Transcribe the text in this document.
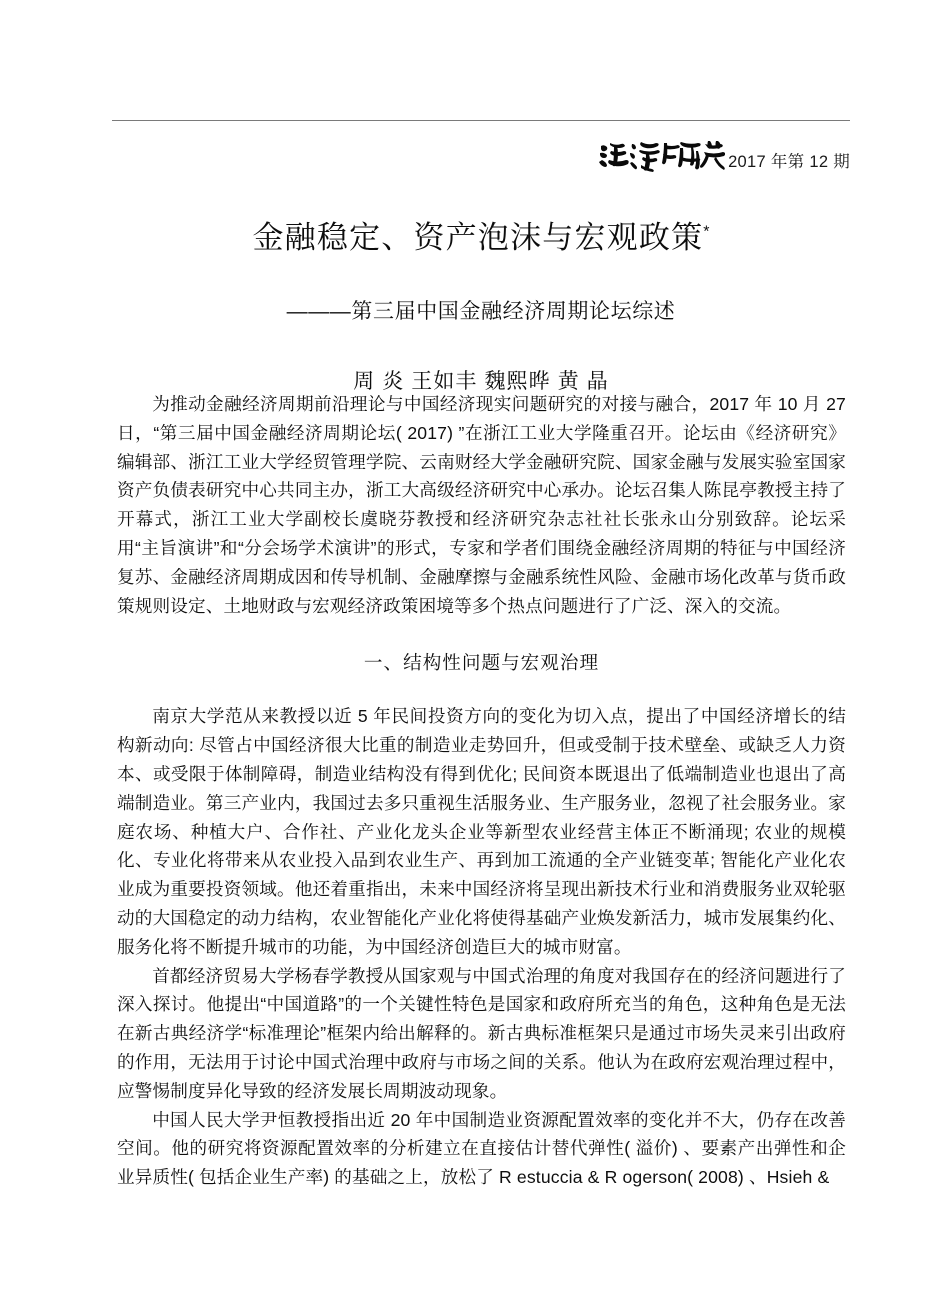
2017 年第 12 期
金融稳定、资产泡沫与宏观政策*

———第三届中国金融经济周期论坛综述

周 炎 王如丰 魏熙晔 黄 晶

为推动金融经济周期前沿理论与中国经济现实问题研究的对接与融合，2017 年 10 月 27 日，“第三届中国金融经济周期论坛( 2017) ”在浙江工业大学隆重召开。论坛由《经济研究》编辑部、浙江工业大学经贸管理学院、云南财经大学金融研究院、国家金融与发展实验室国家资产负债表研究中心共同主办，浙工大高级经济研究中心承办。论坛召集人陈昆亭教授主持了开幕式，浙江工业大学副校长虞晓芬教授和经济研究杂志社社长张永山分别致辞。论坛采用“主旨演讲”和“分会场学术演讲”的形式，专家和学者们围绕金融经济周期的特征与中国经济复苏、金融经济周期成因和传导机制、金融摩擦与金融系统性风险、金融市场化改革与货币政策规则设定、土地财政与宏观经济政策困境等多个热点问题进行了广泛、深入的交流。

一、结构性问题与宏观治理

南京大学范从来教授以近 5 年民间投资方向的变化为切入点，提出了中国经济增长的结构新动向: 尽管占中国经济很大比重的制造业走势回升，但或受制于技术壁垒、或缺乏人力资本、或受限于体制障碍，制造业结构没有得到优化; 民间资本既退出了低端制造业也退出了高端制造业。第三产业内，我国过去多只重视生活服务业、生产服务业，忽视了社会服务业。家庭农场、种植大户、合作社、产业化龙头企业等新型农业经营主体正不断涌现; 农业的规模化、专业化将带来从农业投入品到农业生产、再到加工流通的全产业链变革; 智能化产业化农业成为重要投资领域。他还着重指出，未来中国经济将呈现出新技术行业和消费服务业双轮驱动的大国稳定的动力结构，农业智能化产业化将使得基础产业焕发新活力，城市发展集约化、服务化将不断提升城市的功能，为中国经济创造巨大的城市财富。

首都经济贸易大学杨春学教授从国家观与中国式治理的角度对我国存在的经济问题进行了深入探讨。他提出“中国道路”的一个关键性特色是国家和政府所充当的角色，这种角色是无法在新古典经济学“标准理论”框架内给出解释的。新古典标准框架只是通过市场失灵来引出政府的作用，无法用于讨论中国式治理中政府与市场之间的关系。他认为在政府宏观治理过程中，应警惕制度异化导致的经济发展长周期波动现象。

中国人民大学尹恒教授指出近 20 年中国制造业资源配置效率的变化并不大，仍存在改善空间。他的研究将资源配置效率的分析建立在直接估计替代弹性( 溢价) 、要素产出弹性和企业异质性( 包括企业生产率) 的基础之上，放松了 R estuccia & R ogerson( 2008) 、Hsieh &
